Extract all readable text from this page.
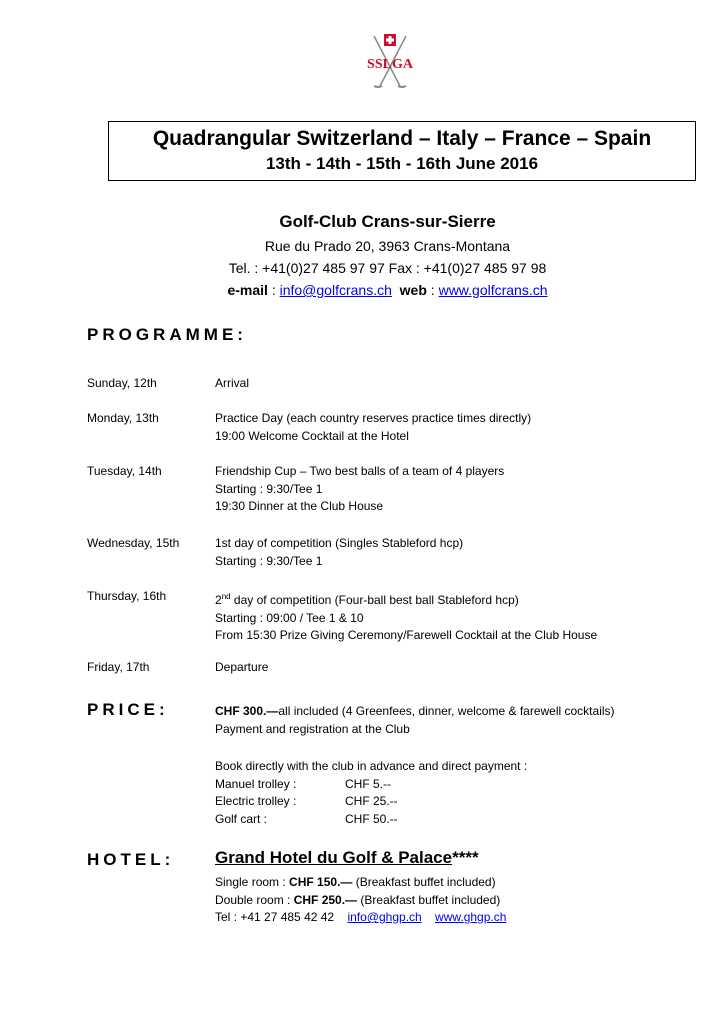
SSLGA
Quadrangular Switzerland – Italy – France – Spain
13th - 14th - 15th - 16th June 2016
Golf-Club Crans-sur-Sierre
Rue du Prado 20, 3963 Crans-Montana
Tel. : +41(0)27 485 97 97 Fax : +41(0)27 485 97 98
e-mail : info@golfcrans.ch web : www.golfcrans.ch
PROGRAMME:
Sunday, 12th	Arrival
Monday, 13th	Practice Day (each country reserves practice times directly)
19:00 Welcome Cocktail at the Hotel
Tuesday, 14th	Friendship Cup – Two best balls of a team of 4 players
Starting : 9:30/Tee 1
19:30 Dinner at the Club House
Wednesday, 15th	1st day of competition (Singles Stableford hcp)
Starting : 9:30/Tee 1
Thursday, 16th	2nd day of competition (Four-ball best ball Stableford hcp)
Starting : 09:00 / Tee 1 & 10
From 15:30 Prize Giving Ceremony/Farewell Cocktail at the Club House
Friday, 17th	Departure
PRICE:	CHF 300.—all included (4 Greenfees, dinner, welcome & farewell cocktails)
Payment and registration at the Club
Book directly with the club in advance and direct payment :
Manuel trolley :	CHF 5.--
Electric trolley :	CHF 25.--
Golf cart :	CHF 50.--
HOTEL: Grand Hotel du Golf & Palace****
Single room : CHF 150.— (Breakfast buffet included)
Double room : CHF 250.— (Breakfast buffet included)
Tel : +41 27 485 42 42 info@ghgp.ch www.ghgp.ch
